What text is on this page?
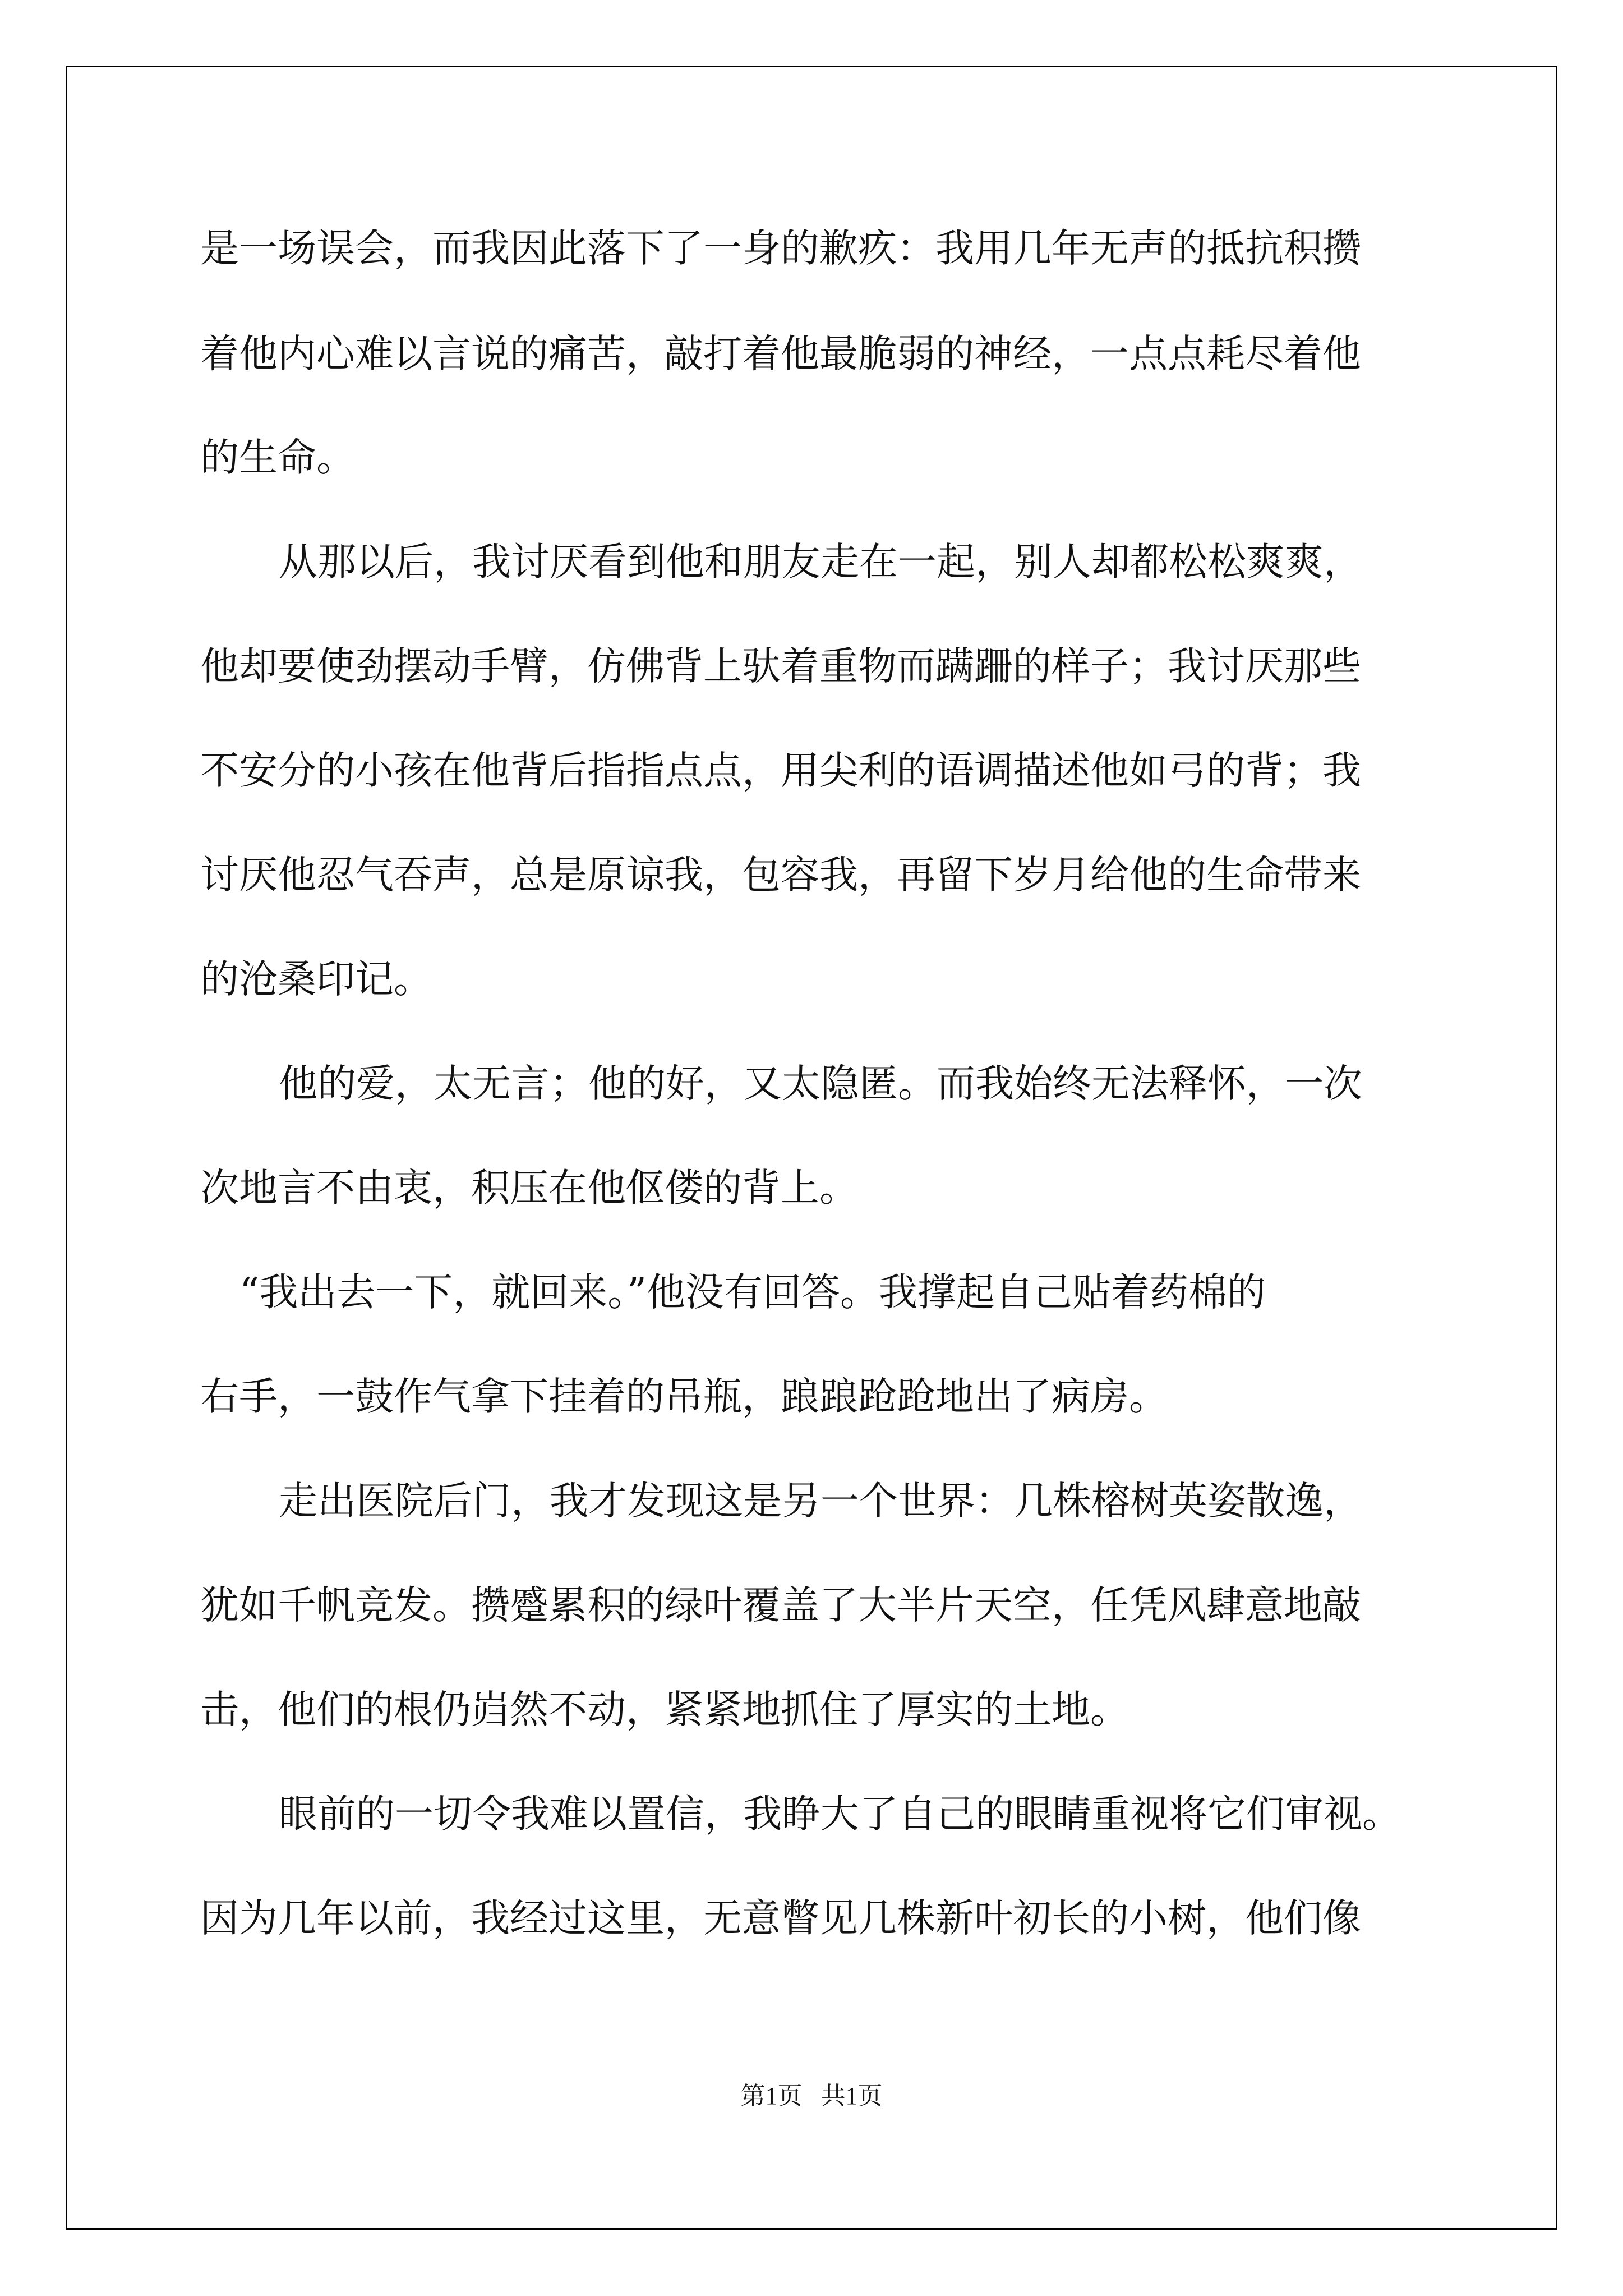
是一场误会，而我因此落下了一身的歉疚：我用几年无声的抵抗积攒
着他内心难以言说的痛苦，敲打着他最脆弱的神经，一点点耗尽着他
的生命。
从那以后，我讨厌看到他和朋友走在一起，别人却都松松爽爽，
他却要使劲摆动手臂，仿佛背上驮着重物而蹒跚的样子；我讨厌那些
不安分的小孩在他背后指指点点，用尖利的语调描述他如弓的背；我
讨厌他忍气吞声，总是原谅我，包容我，再留下岁月给他的生命带来
的沧桑印记。
他的爱，太无言；他的好，又太隐匿。而我始终无法释怀，一次
次地言不由衷，积压在他伛偻的背上。
“我出去一下，就回来。”他没有回答。我撑起自己贴着药棉的
右手，一鼓作气拿下挂着的吊瓶，踉踉跄跄地出了病房。
走出医院后门，我才发现这是另一个世界：几株榕树英姿散逸，
犹如千帆竞发。攒蹙累积的绿叶覆盖了大半片天空，任凭风肆意地敲
击，他们的根仍岿然不动，紧紧地抓住了厚实的土地。
眼前的一切令我难以置信，我睁大了自己的眼睛重视将它们审视。
因为几年以前，我经过这里，无意瞥见几株新叶初长的小树，他们像
第1页   共1页
